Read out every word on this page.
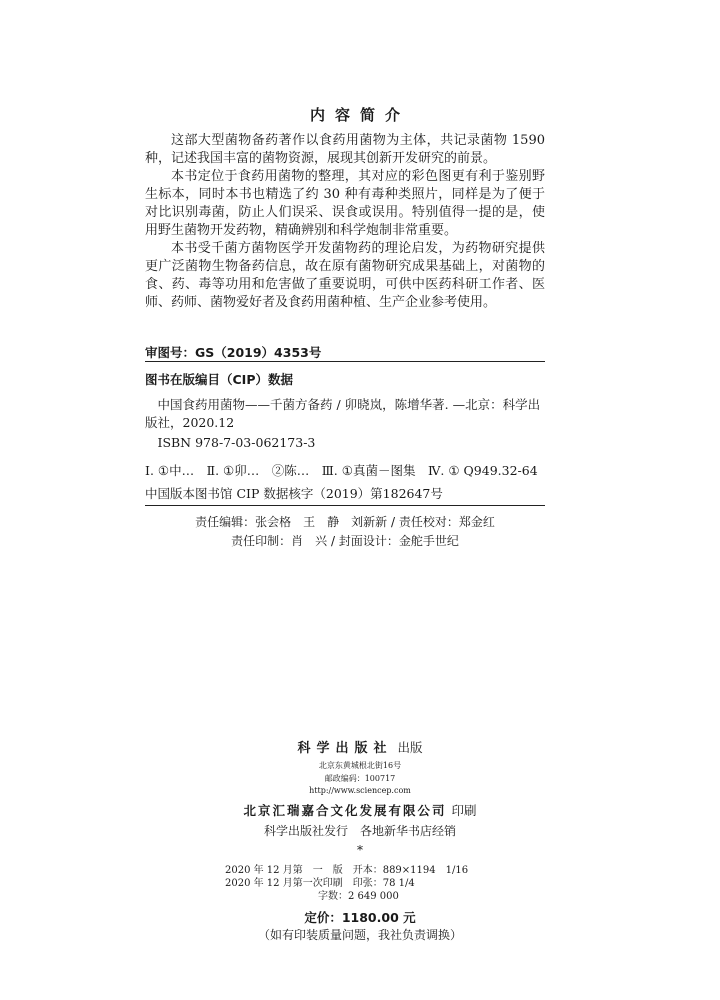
内容简介

这部大型菌物备药著作以食药用菌物为主体，共记录菌物 1590 种，记述我国丰富的菌物资源，展现其创新开发研究的前景。

本书定位于食药用菌物的整理，其对应的彩色图更有利于鉴别野生标本，同时本书也精选了约 30 种有毒种类照片，同样是为了便于对比识别毒菌，防止人们误采、误食或误用。特别值得一提的是，使用野生菌物开发药物，精确辨别和科学炮制非常重要。

本书受千菌方菌物医学开发菌物药的理论启发，为药物研究提供更广泛菌物生物备药信息，故在原有菌物研究成果基础上，对菌物的食、药、毒等功用和危害做了重要说明，可供中医药科研工作者、医师、药师、菌物爱好者及食药用菌种植、生产企业参考使用。

审图号：GS（2019）4353号
图书在版编目（CIP）数据

中国食药用菌物——千菌方备药 / 卯晓岚，陈增华著. —北京：科学出版社，2020.12

ISBN 978-7-03-062173-3

Ⅰ. ①中…　Ⅱ. ①卯…　②陈…　Ⅲ. ①真菌－图集　Ⅳ. ① Q949.32-64

中国版本图书馆 CIP 数据核字（2019）第182647号

责任编辑：张会格　王　静　刘新新 / 责任校对：郑金红
责任印制：肖　兴 / 封面设计：金舵手世纪
科学出版社 出版
北京东黄城根北街16号
邮政编码：100717
http://www.sciencep.com
北京汇瑞嘉合文化发展有限公司 印刷
科学出版社发行　各地新华书店经销
*
2020 年 12 月第　一　版　开本：889×1194　1/16
2020 年 12 月第一次印刷　印张：78 1/4
字数：2 649 000
定价：1180.00 元
（如有印装质量问题，我社负责调换）
